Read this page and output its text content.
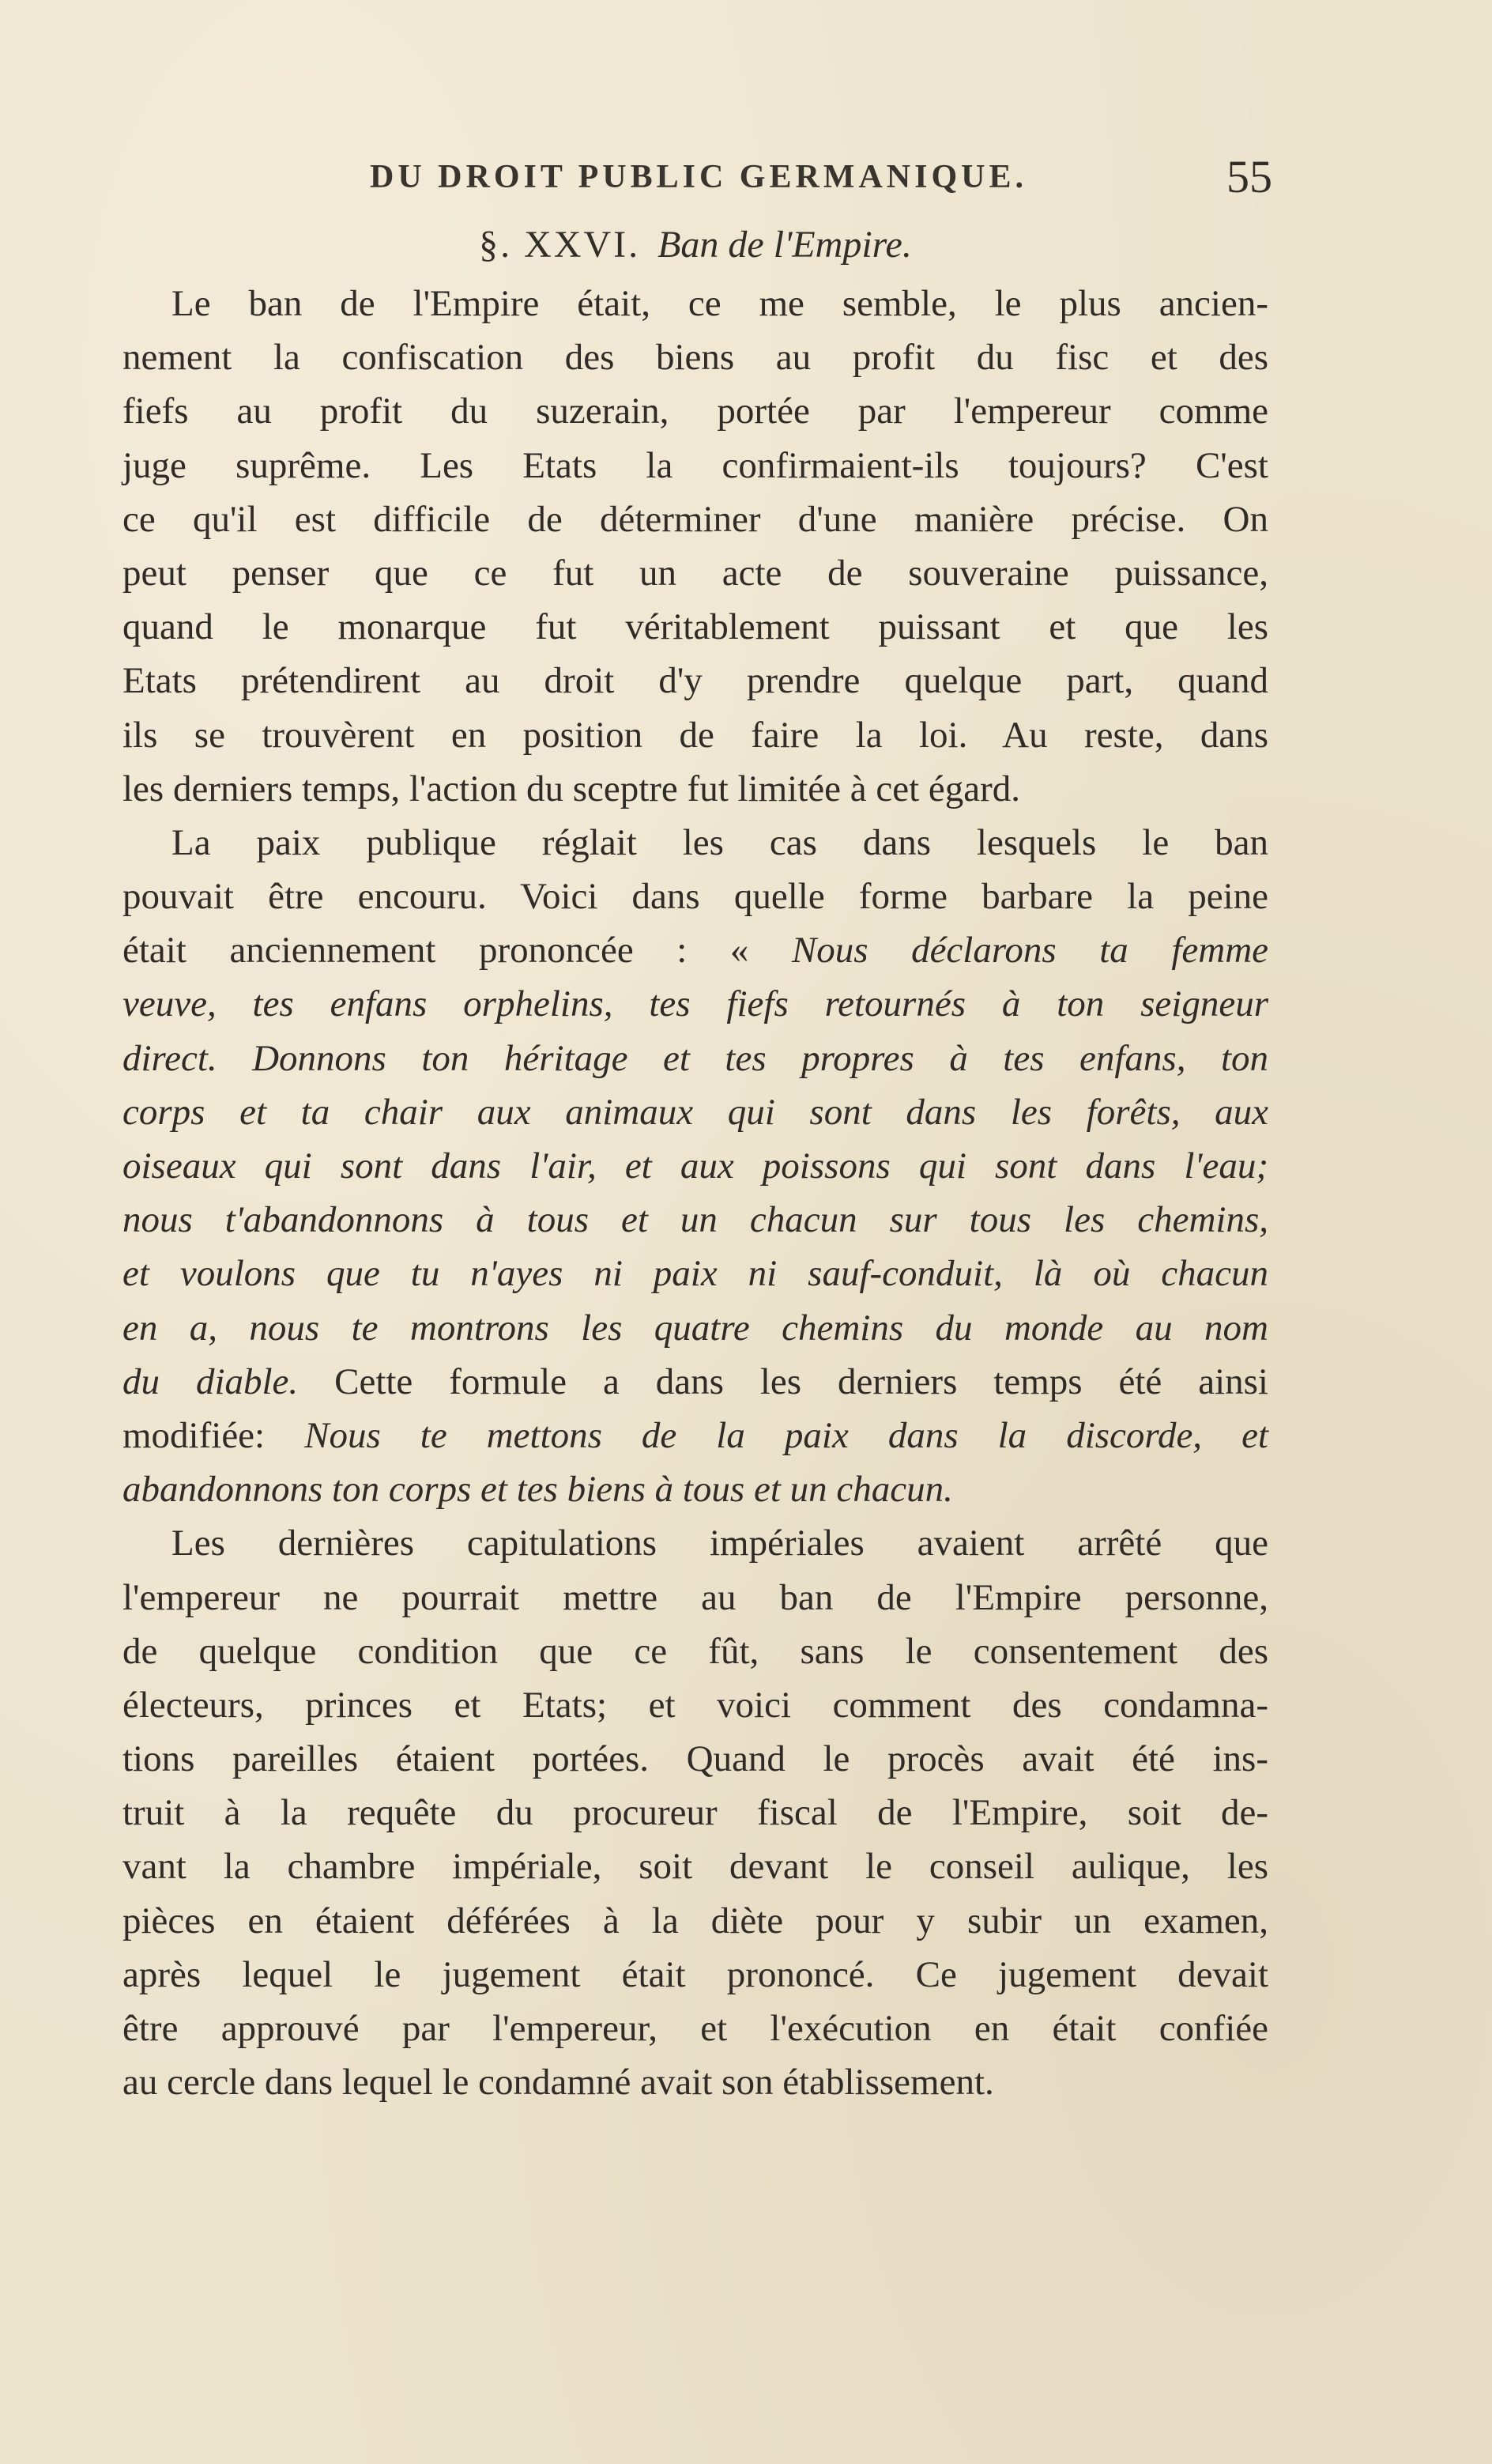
DU DROIT PUBLIC GERMANIQUE.	55
§. XXVI. Ban de l'Empire.
Le ban de l'Empire était, ce me semble, le plus ancien-
nement la confiscation des biens au profit du fisc et des
fiefs au profit du suzerain, portée par l'empereur comme
juge suprême. Les Etats la confirmaient-ils toujours? C'est
ce qu'il est difficile de déterminer d'une manière précise. On
peut penser que ce fut un acte de souveraine puissance,
quand le monarque fut véritablement puissant et que les
Etats prétendirent au droit d'y prendre quelque part, quand
ils se trouvèrent en position de faire la loi. Au reste, dans
les derniers temps, l'action du sceptre fut limitée à cet égard.
La paix publique réglait les cas dans lesquels le ban
pouvait être encouru. Voici dans quelle forme barbare la peine
était anciennement prononcée : « Nous déclarons ta femme
veuve, tes enfans orphelins, tes fiefs retournés à ton seigneur
direct. Donnons ton héritage et tes propres à tes enfans, ton
corps et ta chair aux animaux qui sont dans les forêts, aux
oiseaux qui sont dans l'air, et aux poissons qui sont dans l'eau;
nous t'abandonnons à tous et un chacun sur tous les chemins,
et voulons que tu n'ayes ni paix ni sauf-conduit, là où chacun
en a, nous te montrons les quatre chemins du monde au nom
du diable. Cette formule a dans les derniers temps été ainsi
modifiée: Nous te mettons de la paix dans la discorde, et
abandonnons ton corps et tes biens à tous et un chacun.
Les dernières capitulations impériales avaient arrêté que
l'empereur ne pourrait mettre au ban de l'Empire personne,
de quelque condition que ce fût, sans le consentement des
électeurs, princes et Etats; et voici comment des condamna-
tions pareilles étaient portées. Quand le procès avait été ins-
truit à la requête du procureur fiscal de l'Empire, soit de-
vant la chambre impériale, soit devant le conseil aulique, les
pièces en étaient déférées à la diète pour y subir un examen,
après lequel le jugement était prononcé. Ce jugement devait
être approuvé par l'empereur, et l'exécution en était confiée
au cercle dans lequel le condamné avait son établissement.
